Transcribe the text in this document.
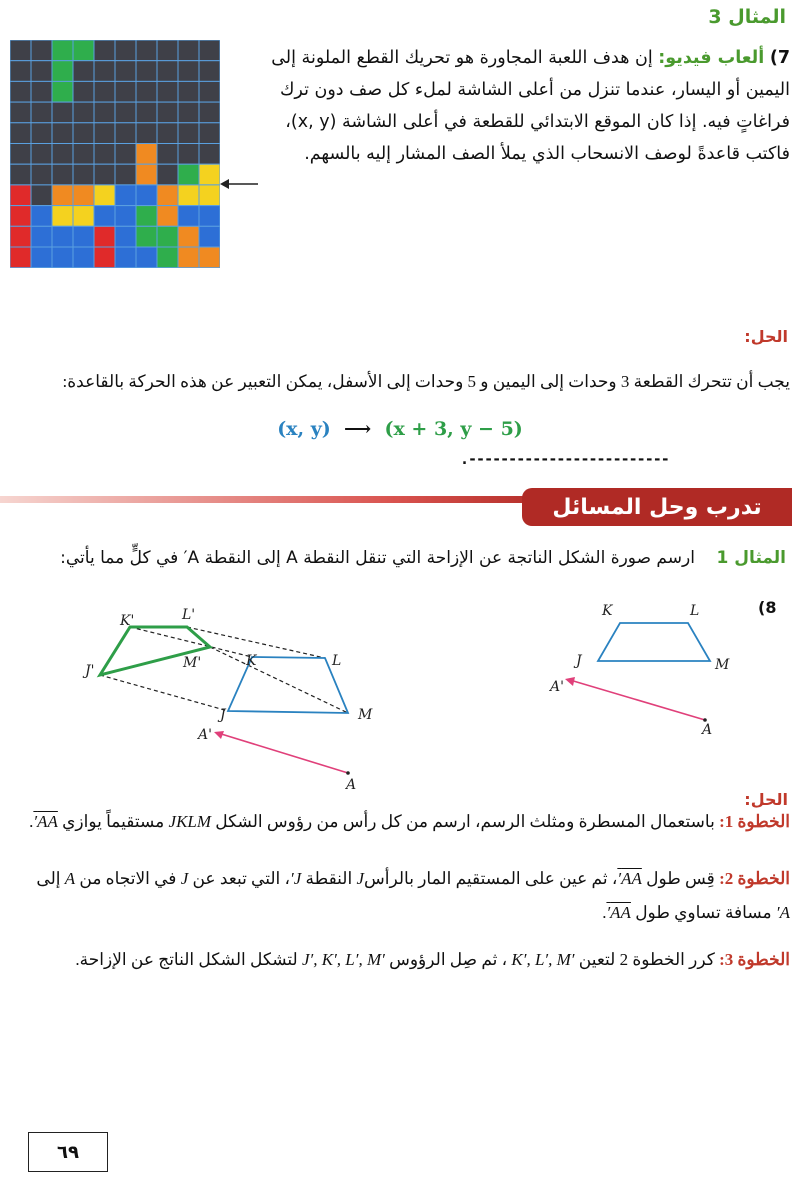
المثال 3
7) ألعاب فيديو: إن هدف اللعبة المجاورة هو تحريك القطع الملونة إلى اليمين أو اليسار، عندما تنزل من أعلى الشاشة لملء كل صف دون ترك فراغاتٍ فيه. إذا كان الموقع الابتدائي للقطعة في أعلى الشاشة (x, y)، فاكتب قاعدةً لوصف الانسحاب الذي يملأ الصف المشار إليه بالسهم.
الحل:
يجب أن تتحرك القطعة 3 وحدات إلى اليمين و 5 وحدات إلى الأسفل، يمكن التعبير عن هذه الحركة بالقاعدة:
(x, y) ⟶ (x + 3, y − 5)
.-------------------------
تدرب وحل المسائل
المثال 1    ارسم صورة الشكل الناتجة عن الإزاحة التي تنقل النقطة A إلى النقطة A′ في كلٍّ مما يأتي:
(8
K'	L'
J'	M'	K	L
J	M
A'
A
K	L
J	M
A'
A
الحل:
الخطوة 1: باستعمال المسطرة ومثلث الرسم، ارسم من كل رأس من رؤوس الشكل JKLM مستقيماً يوازي AA′.
الخطوة 2: قِس طول AA′، ثم عين على المستقيم المار بالرأسJ النقطة J′، التي تبعد عن J في الاتجاه من A إلى
A′ مسافة تساوي طول AA′.
الخطوة 3: كرر الخطوة 2 لتعين K′, L′, M′ ، ثم صِل الرؤوس J′, K′, L′, M′ لتشكل الشكل الناتج عن الإزاحة.
٦٩
